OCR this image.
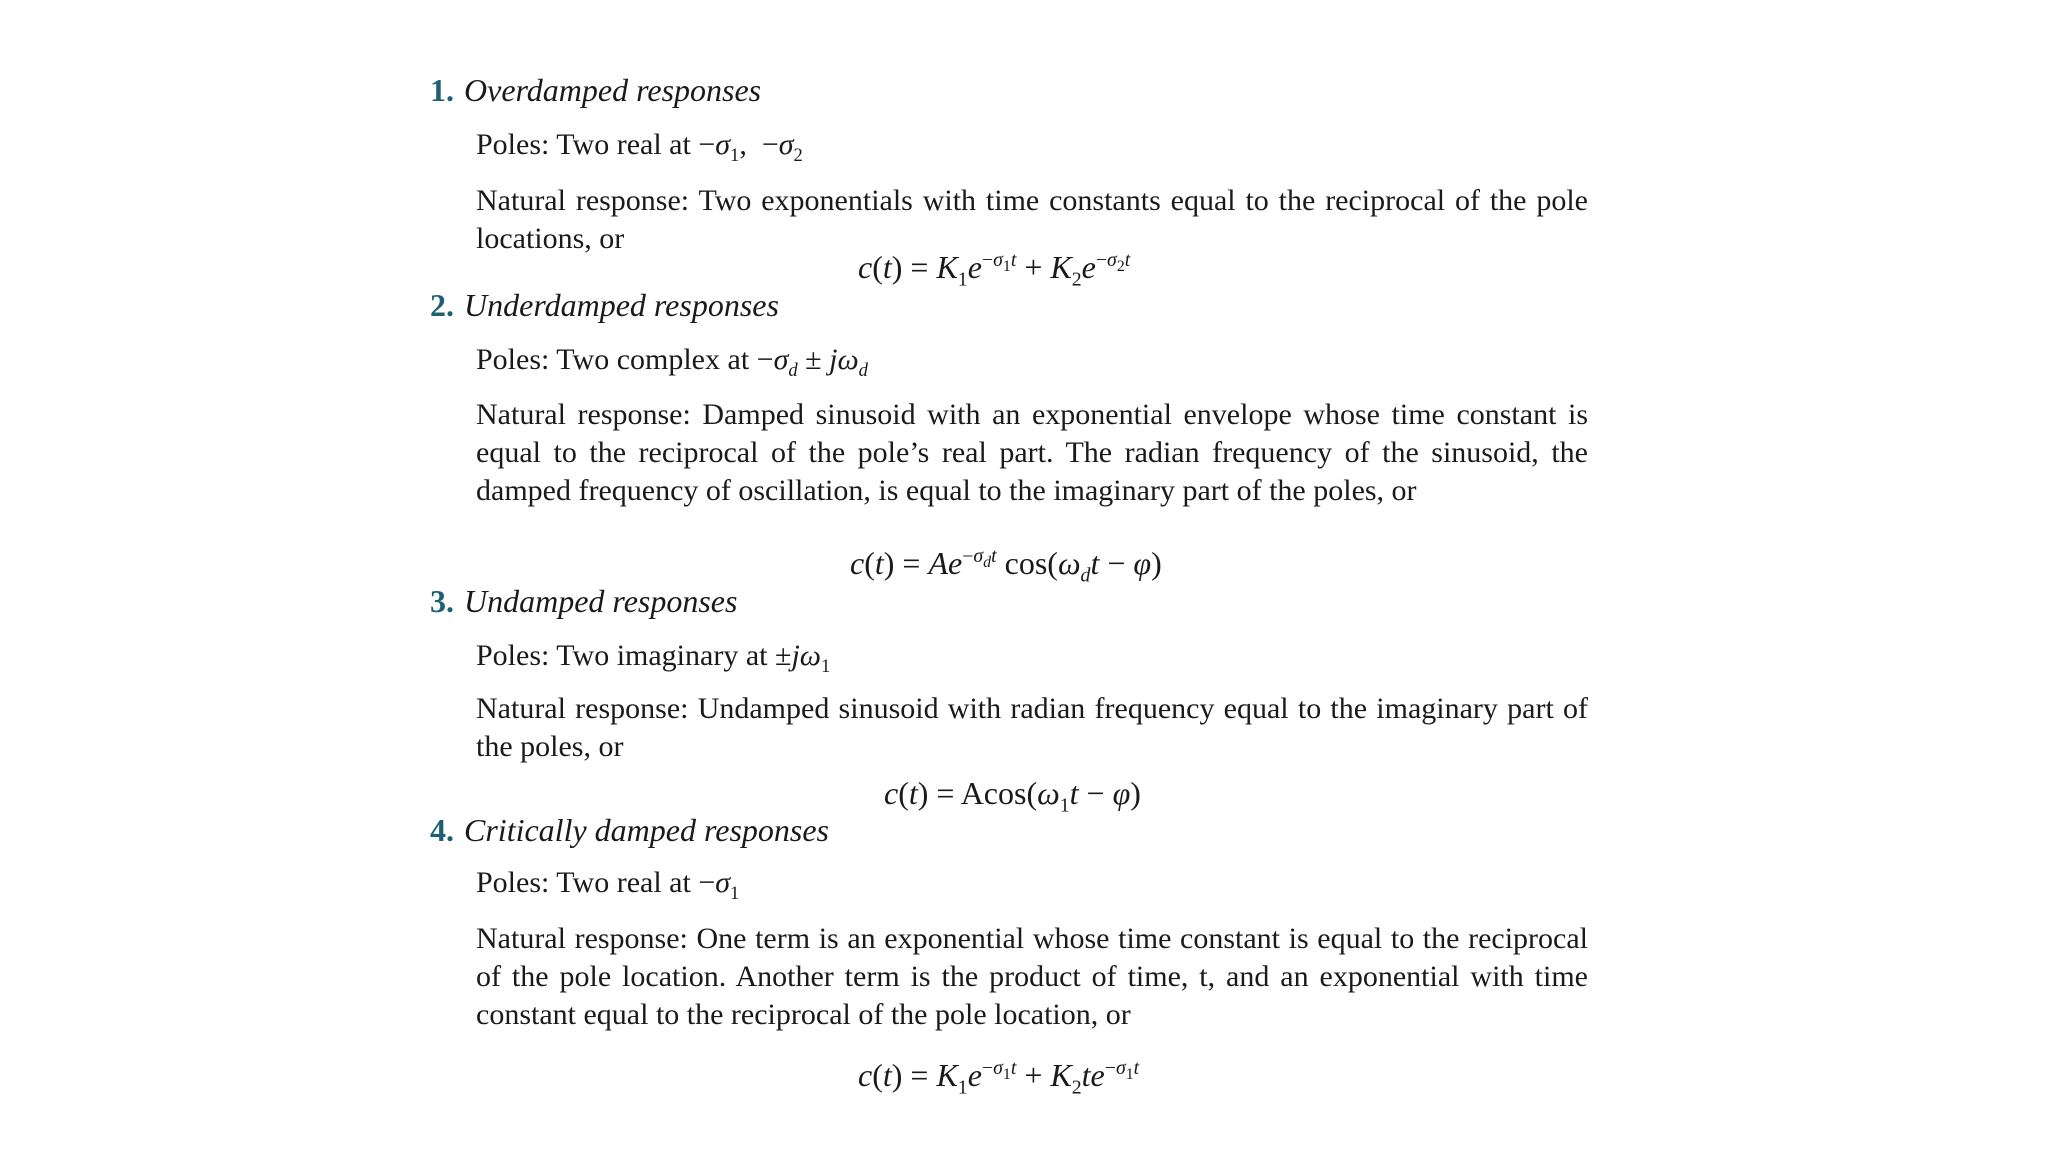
1. Overdamped responses
Poles: Two real at $-\sigma_1$,  $-\sigma_2$
Natural response: Two exponentials with time constants equal to the reciprocal of the pole locations, or
$c(t) = K_1e^{-\sigma_1t} + K_2e^{-\sigma_2t}$
2. Underdamped responses
Poles: Two complex at $-\sigma_d \pm j\omega_d$
Natural response: Damped sinusoid with an exponential envelope whose time constant is equal to the reciprocal of the pole’s real part. The radian frequency of the sinusoid, the damped frequency of oscillation, is equal to the imaginary part of the poles, or
$c(t) = Ae^{-\sigma_dt}$ $\cos(\omega_dt - \varphi)$
3. Undamped responses
Poles: Two imaginary at $\pm j\omega_1$
Natural response: Undamped sinusoid with radian frequency equal to the imaginary part of the poles, or
$c(t) = Acos(\omega_1t - \varphi)$
4. Critically damped responses
Poles: Two real at $-\sigma_1$
Natural response: One term is an exponential whose time constant is equal to the reciprocal of the pole location. Another term is the product of time, t, and an exponential with time constant equal to the reciprocal of the pole location, or
$c(t) = K_1e^{-\sigma_1t} + K_2te^{-\sigma_1t}$
